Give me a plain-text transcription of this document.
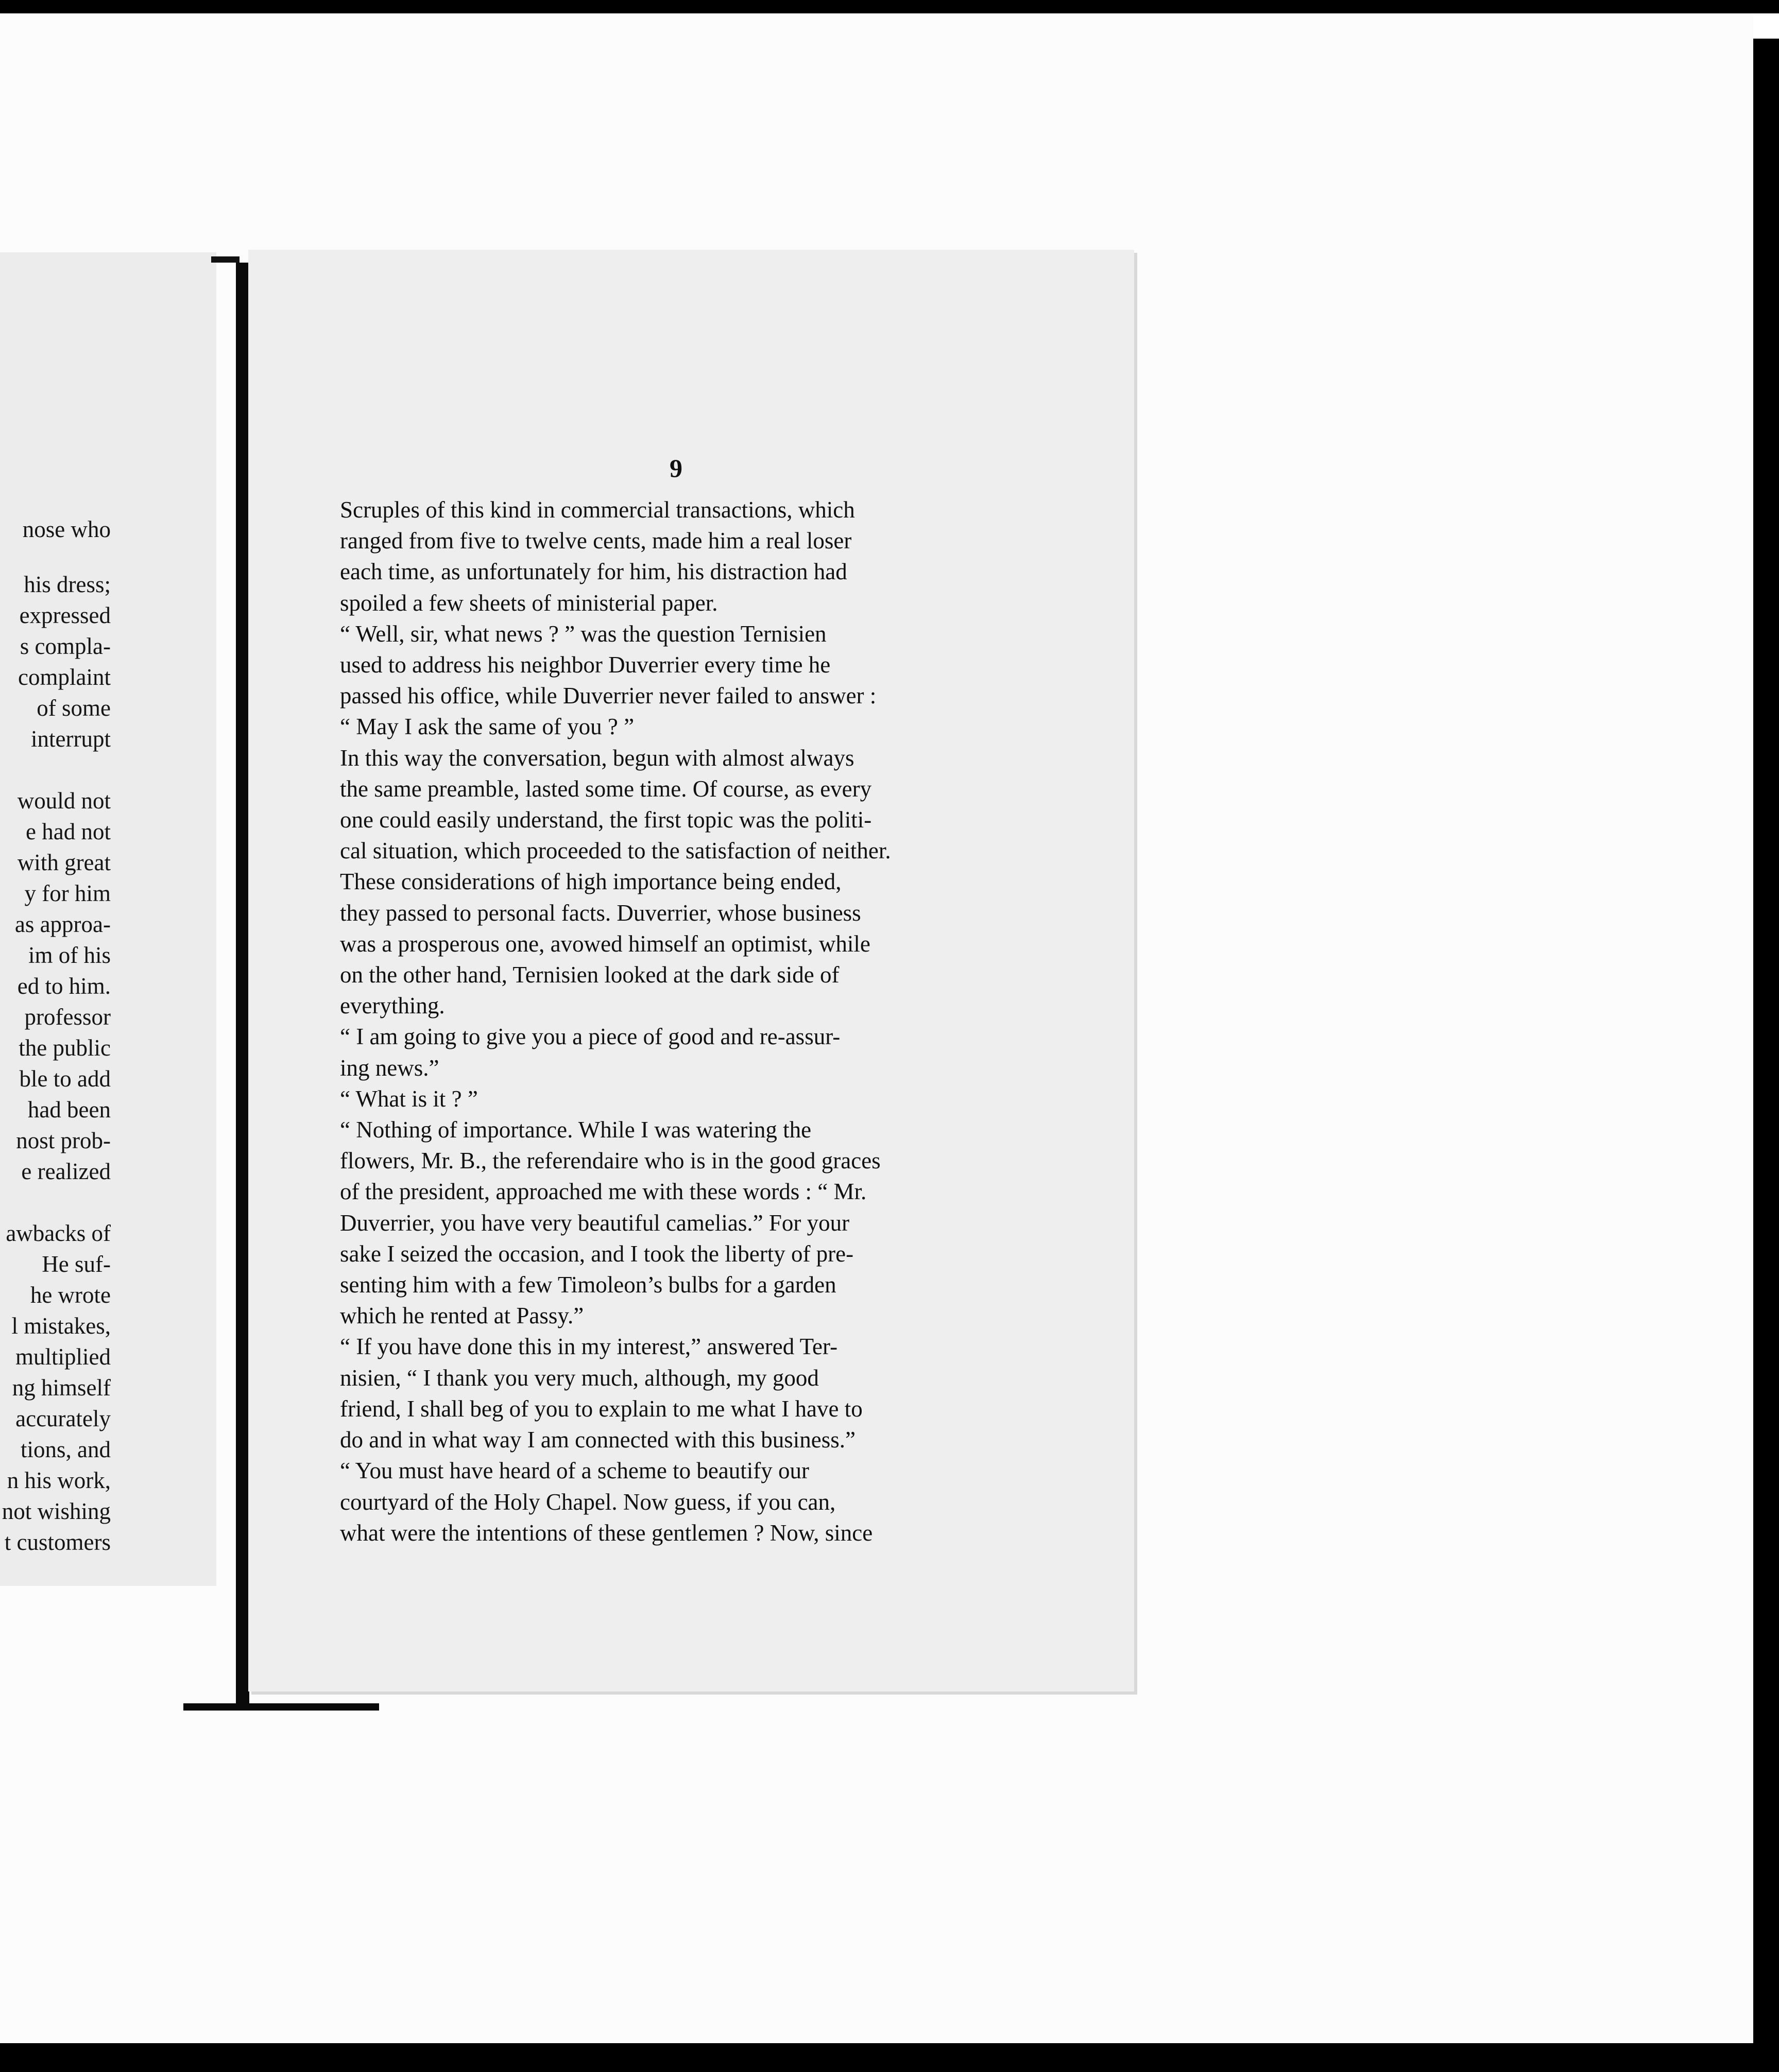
nose who

his dress;

expressed

s compla-

complaint

of some

interrupt

would not

e had not

with great

y for him

as approa-

im of his

ed to him.

professor

the public

ble to add

had been

nost prob-

e realized

awbacks of

He suf-

he wrote

l mistakes,

multiplied

ng himself

accurately

tions, and

n his work,

not wishing

t customers

9

Scruples of this kind in commercial transactions, which

ranged from five to twelve cents, made him a real loser

each time, as unfortunately for him, his distraction had

spoiled a few sheets of ministerial paper.

“ Well, sir, what news ? ” was the question Ternisien

used to address his neighbor Duverrier every time he

passed his office, while Duverrier never failed to answer :

“ May I ask the same of you ? ”

In this way the conversation, begun with almost always

the same preamble, lasted some time. Of course, as every

one could easily understand, the first topic was the politi-

cal situation, which proceeded to the satisfaction of neither.

These considerations of high importance being ended,

they passed to personal facts. Duverrier, whose business

was a prosperous one, avowed himself an optimist, while

on the other hand, Ternisien looked at the dark side of

everything.

“ I am going to give you a piece of good and re-assur-

ing news.”

“ What is it ? ”

“ Nothing of importance. While I was watering the

flowers, Mr. B., the referendaire who is in the good graces

of the president, approached me with these words : “ Mr.

Duverrier, you have very beautiful camelias.” For your

sake I seized the occasion, and I took the liberty of pre-

senting him with a few Timoleon’s bulbs for a garden

which he rented at Passy.”

“ If you have done this in my interest,” answered Ter-

nisien, “ I thank you very much, although, my good

friend, I shall beg of you to explain to me what I have to

do and in what way I am connected with this business.”

“ You must have heard of a scheme to beautify our

courtyard of the Holy Chapel. Now guess, if you can,

what were the intentions of these gentlemen ? Now, since
